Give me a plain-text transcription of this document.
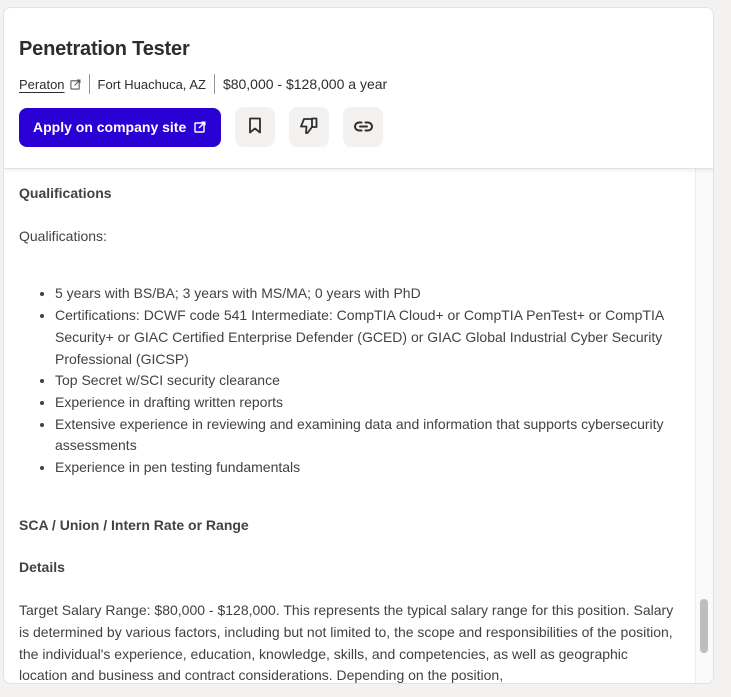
Penetration Tester
Peraton	Fort Huachuca, AZ $80,000 - $128,000 a year
Apply on company site
Qualifications
Qualifications:
• 5 years with BS/BA; 3 years with MS/MA; 0 years with PhD
• Certifications: DCWF code 541 Intermediate: CompTIA Cloud+ or CompTIA PenTest+ or CompTIA Security+ or GIAC Certified Enterprise Defender (GCED) or GIAC Global Industrial Cyber Security Professional (GICSP)
• Top Secret w/SCI security clearance
• Experience in drafting written reports
• Extensive experience in reviewing and examining data and information that supports cybersecurity assessments
• Experience in pen testing fundamentals
SCA / Union / Intern Rate or Range
Details
Target Salary Range: $80,000 - $128,000. This represents the typical salary range for this position. Salary is determined by various factors, including but not limited to, the scope and responsibilities of the position, the individual's experience, education, knowledge, skills, and competencies, as well as geographic location and business and contract considerations. Depending on the position,
